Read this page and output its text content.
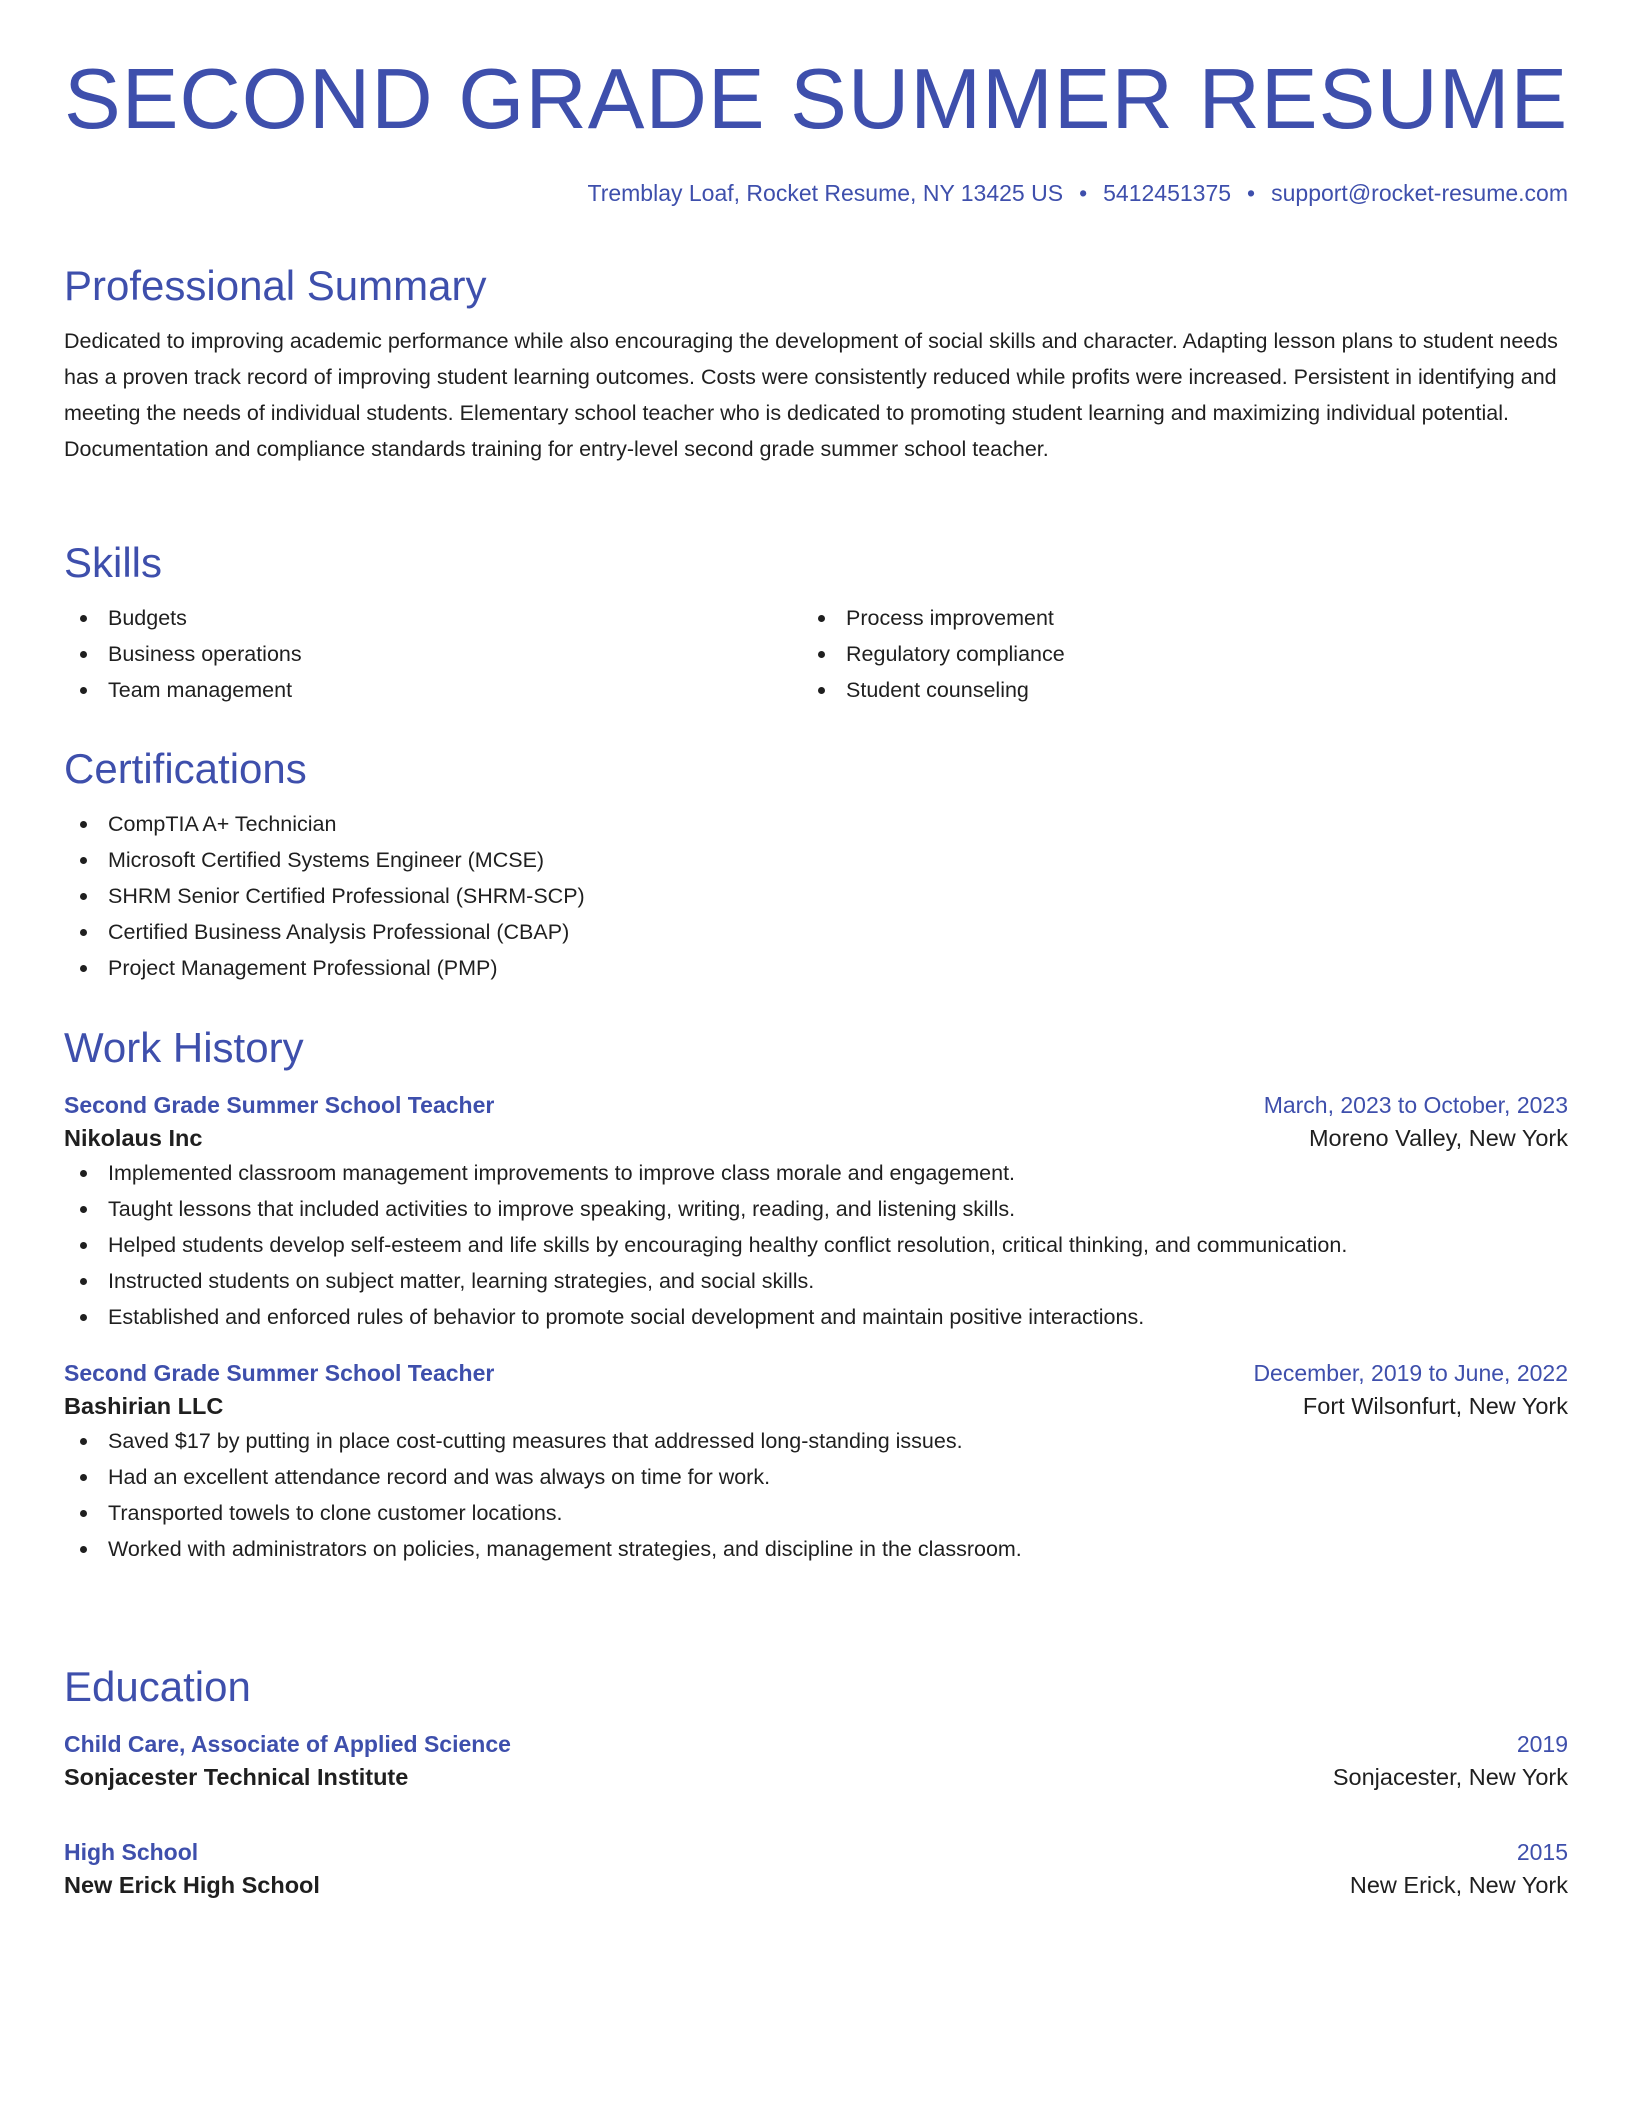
SECOND GRADE SUMMER RESUME
Tremblay Loaf, Rocket Resume, NY 13425 US • 5412451375 • support@rocket-resume.com
Professional Summary

Dedicated to improving academic performance while also encouraging the development of social skills and character. Adapting lesson plans to student needs has a proven track record of improving student learning outcomes. Costs were consistently reduced while profits were increased. Persistent in identifying and meeting the needs of individual students. Elementary school teacher who is dedicated to promoting student learning and maximizing individual potential. Documentation and compliance standards training for entry-level second grade summer school teacher.

Skills
Budgets
Business operations
Team management
Process improvement
Regulatory compliance
Student counseling
Certifications
CompTIA A+ Technician
Microsoft Certified Systems Engineer (MCSE)
SHRM Senior Certified Professional (SHRM-SCP)
Certified Business Analysis Professional (CBAP)
Project Management Professional (PMP)
Work History
Second Grade Summer School Teacher	March, 2023 to October, 2023
Nikolaus Inc	Moreno Valley, New York
Implemented classroom management improvements to improve class morale and engagement.
Taught lessons that included activities to improve speaking, writing, reading, and listening skills.
Helped students develop self-esteem and life skills by encouraging healthy conflict resolution, critical thinking, and communication.
Instructed students on subject matter, learning strategies, and social skills.
Established and enforced rules of behavior to promote social development and maintain positive interactions.
Second Grade Summer School Teacher	December, 2019 to June, 2022
Bashirian LLC	Fort Wilsonfurt, New York
Saved $17 by putting in place cost-cutting measures that addressed long-standing issues.
Had an excellent attendance record and was always on time for work.
Transported towels to clone customer locations.
Worked with administrators on policies, management strategies, and discipline in the classroom.
Education
Child Care, Associate of Applied Science	2019
Sonjacester Technical Institute	Sonjacester, New York
High School	2015
New Erick High School	New Erick, New York
